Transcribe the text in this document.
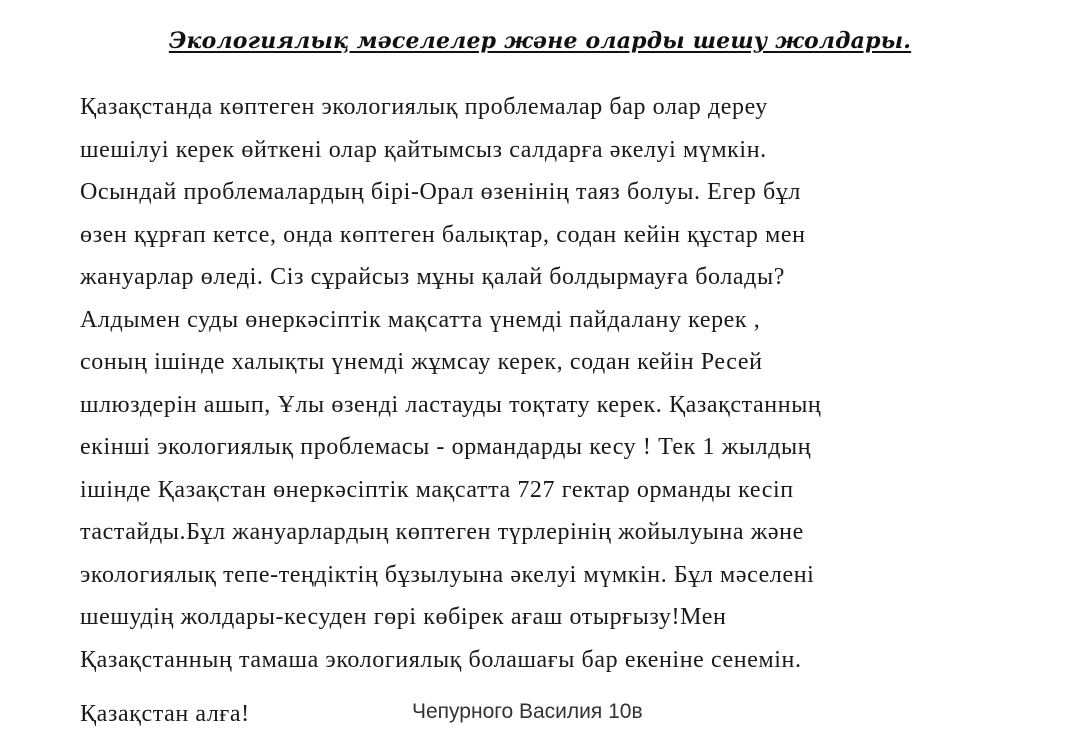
Экологиялық мәселелер және оларды шешу жолдары.
Қазақстанда көптеген экологиялық проблемалар бар олар дереу
шешілуі керек өйткені олар қайтымсыз салдарға әкелуі мүмкін.
Осындай проблемалардың бірі-Орал өзенінің таяз болуы. Егер бұл
өзен құрғап кетсе, онда көптеген балықтар, содан кейін құстар мен
жануарлар өледі. Сіз сұрайсыз мұны қалай болдырмауға болады?
Алдымен суды өнеркәсіптік мақсатта үнемді пайдалану керек ,
соның ішінде халықты үнемді жұмсау керек, содан кейін Ресей
шлюздерін ашып, Ұлы өзенді ластауды тоқтату керек. Қазақстанның
екінші экологиялық проблемасы - ормандарды кесу ! Тек 1 жылдың
ішінде Қазақстан өнеркәсіптік мақсатта 727 гектар орманды кесіп
тастайды.Бұл жануарлардың көптеген түрлерінің жойылуына және
экологиялық тепе-теңдіктің бұзылуына әкелуі мүмкін. Бұл мәселені
шешудің жолдары-кесуден гөрі көбірек ағаш отырғызу!Мен
Қазақстанның тамаша экологиялық болашағы бар екеніне сенемін.
Қазақстан алға!	Чепурного Василия 10в
